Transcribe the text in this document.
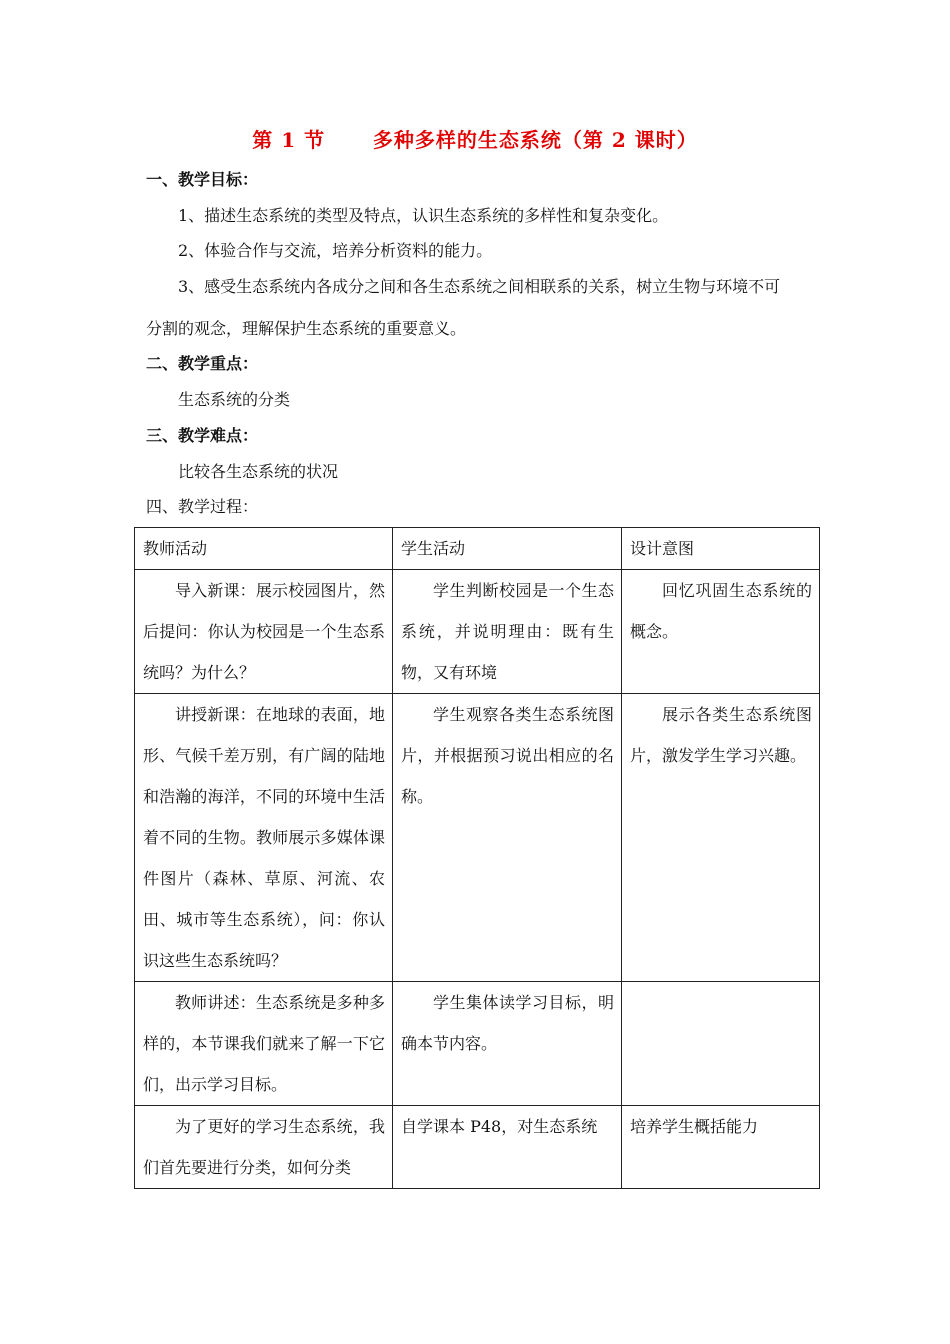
第 1 节      多种多样的生态系统（第 2 课时）
一、教学目标：
1、描述生态系统的类型及特点，认识生态系统的多样性和复杂变化。
2、体验合作与交流，培养分析资料的能力。
3、感受生态系统内各成分之间和各生态系统之间相联系的关系，树立生物与环境不可
分割的观念，理解保护生态系统的重要意义。
二、教学重点：
生态系统的分类
三、教学难点：
比较各生态系统的状况
四、教学过程：
教师活动	学生活动	设计意图
导入新课：展示校园图片，然后提问：你认为校园是一个生态系统吗？为什么？	学生判断校园是一个生态系统，并说明理由：既有生物，又有环境	回忆巩固生态系统的概念。
讲授新课：在地球的表面，地形、气候千差万别，有广阔的陆地和浩瀚的海洋，不同的环境中生活着不同的生物。教师展示多媒体课件图片（森林、草原、河流、农田、城市等生态系统），问：你认识这些生态系统吗？	学生观察各类生态系统图片，并根据预习说出相应的名称。	展示各类生态系统图片，激发学生学习兴趣。
教师讲述：生态系统是多种多样的，本节课我们就来了解一下它们，出示学习目标。	学生集体读学习目标，明确本节内容。	
为了更好的学习生态系统，我们首先要进行分类，如何分类	自学课本 P48，对生态系统	培养学生概括能力
